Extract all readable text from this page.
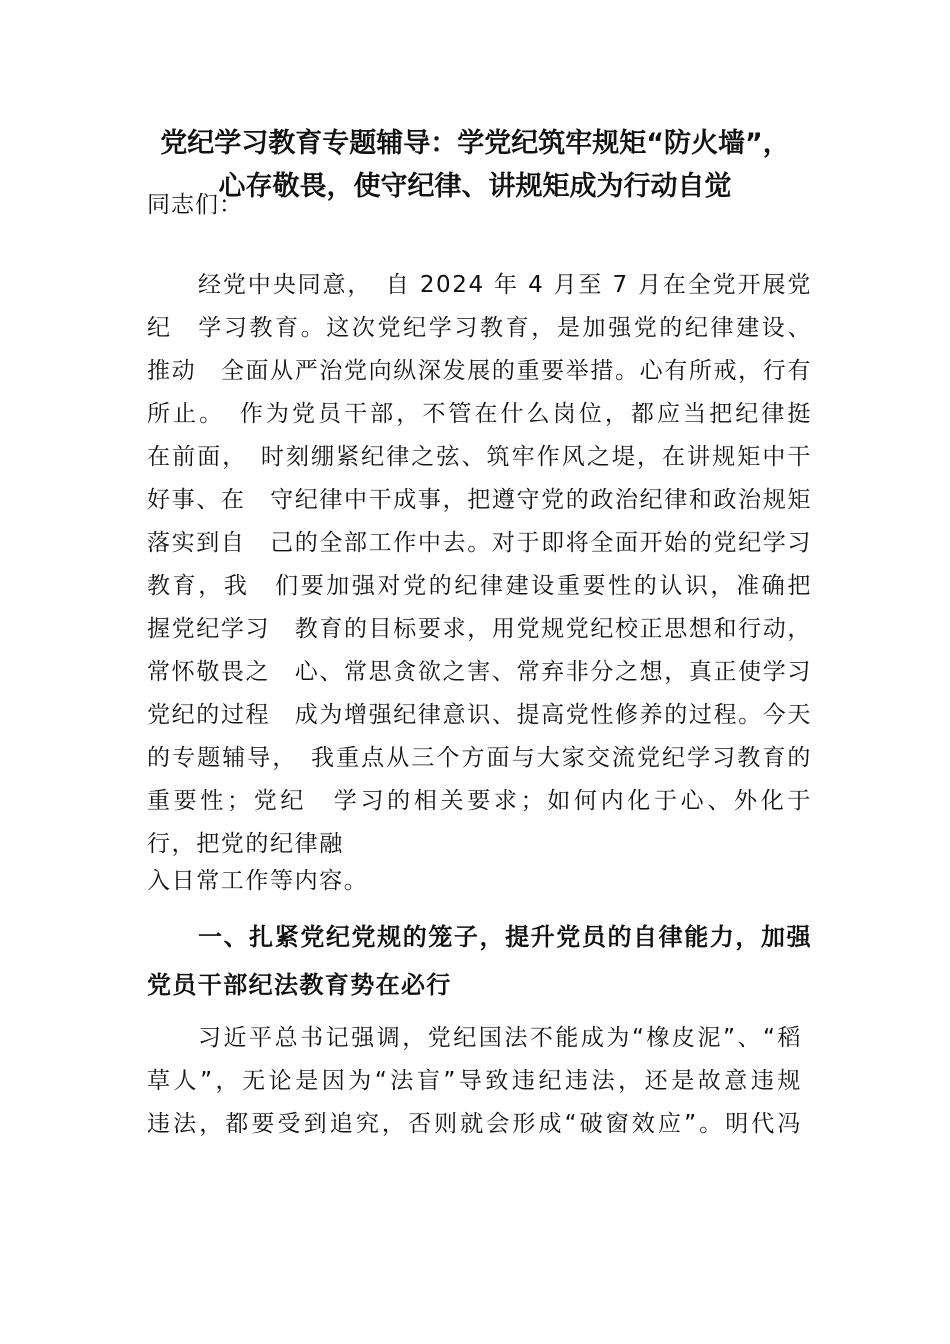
党纪学习教育专题辅导：学党纪筑牢规矩“防火墙”，
心存敬畏，使守纪律、讲规矩成为行动自觉
同志们：
经党中央同意，　自 2024 年 4 月至 7 月在全党开展党
纪　学习教育。这次党纪学习教育，是加强党的纪律建设、
推动　全面从严治党向纵深发展的重要举措。心有所戒，行有
所止。　作为党员干部，不管在什么岗位，都应当把纪律挺
在前面，　时刻绷紧纪律之弦、筑牢作风之堤，在讲规矩中干
好事、在　守纪律中干成事，把遵守党的政治纪律和政治规矩
落实到自　己的全部工作中去。对于即将全面开始的党纪学习
教育，我　们要加强对党的纪律建设重要性的认识，准确把
握党纪学习　教育的目标要求，用党规党纪校正思想和行动，
常怀敬畏之　心、常思贪欲之害、常弃非分之想，真正使学习
党纪的过程　成为增强纪律意识、提高党性修养的过程。今天
的专题辅导，　我重点从三个方面与大家交流党纪学习教育的
重要性；党纪　学习的相关要求；如何内化于心、外化于
行，把党的纪律融
入日常工作等内容。
一、扎紧党纪党规的笼子，提升党员的自律能力，加强
党员干部纪法教育势在必行
习近平总书记强调，党纪国法不能成为“橡皮泥”、“稻
草人”，无论是因为“法盲”导致违纪违法，还是故意违规
违法，都要受到追究，否则就会形成“破窗效应”。明代冯
